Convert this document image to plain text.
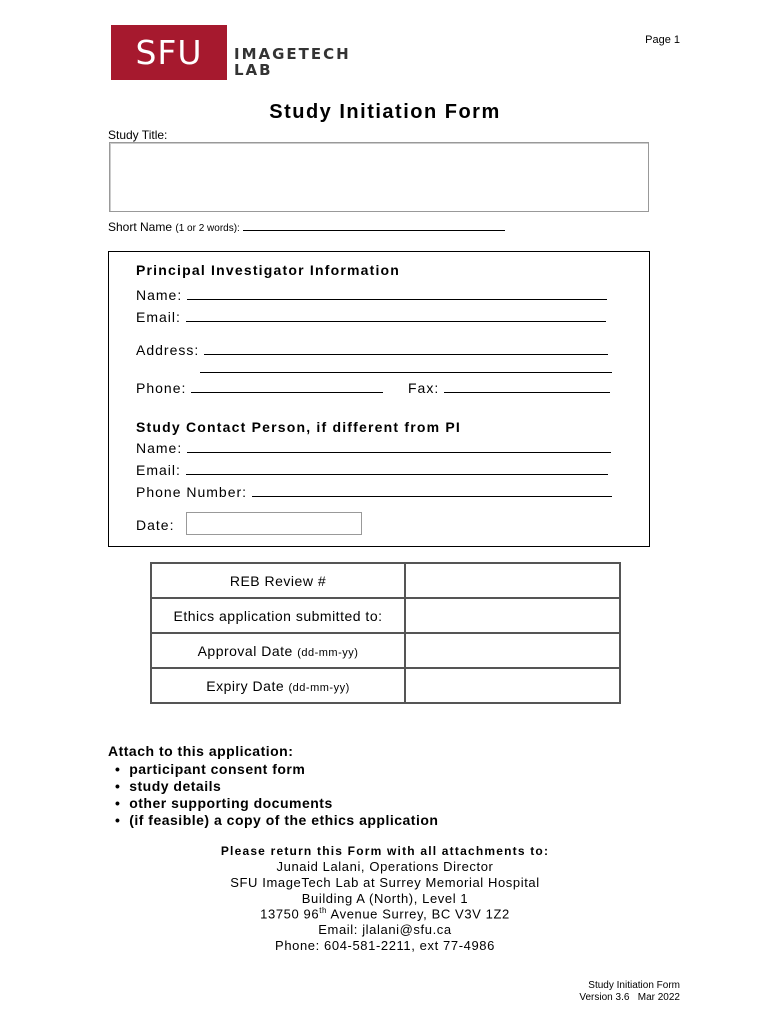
SFU	IMAGETECH
LAB
Page 1
Study Initiation Form
Study Title:
Short Name (1 or 2 words):
Principal Investigator Information
Name:
Email:
Address:
Phone:	Fax:
Study Contact Person, if different from PI
Name:
Email:
Phone Number:
Date:
REB Review #	
Ethics application submitted to:	
Approval Date (dd-mm-yy)	
Expiry Date (dd-mm-yy)	
Attach to this application:
•  participant consent form
•  study details
•  other supporting documents
•  (if feasible) a copy of the ethics application
Please return this Form with all attachments to:
Junaid Lalani, Operations Director
SFU ImageTech Lab at Surrey Memorial Hospital
Building A (North), Level 1
13750 96th Avenue Surrey, BC V3V 1Z2
Email: jlalani@sfu.ca
Phone: 604-581-2211, ext 77-4986
Study Initiation Form
Version 3.6   Mar 2022
